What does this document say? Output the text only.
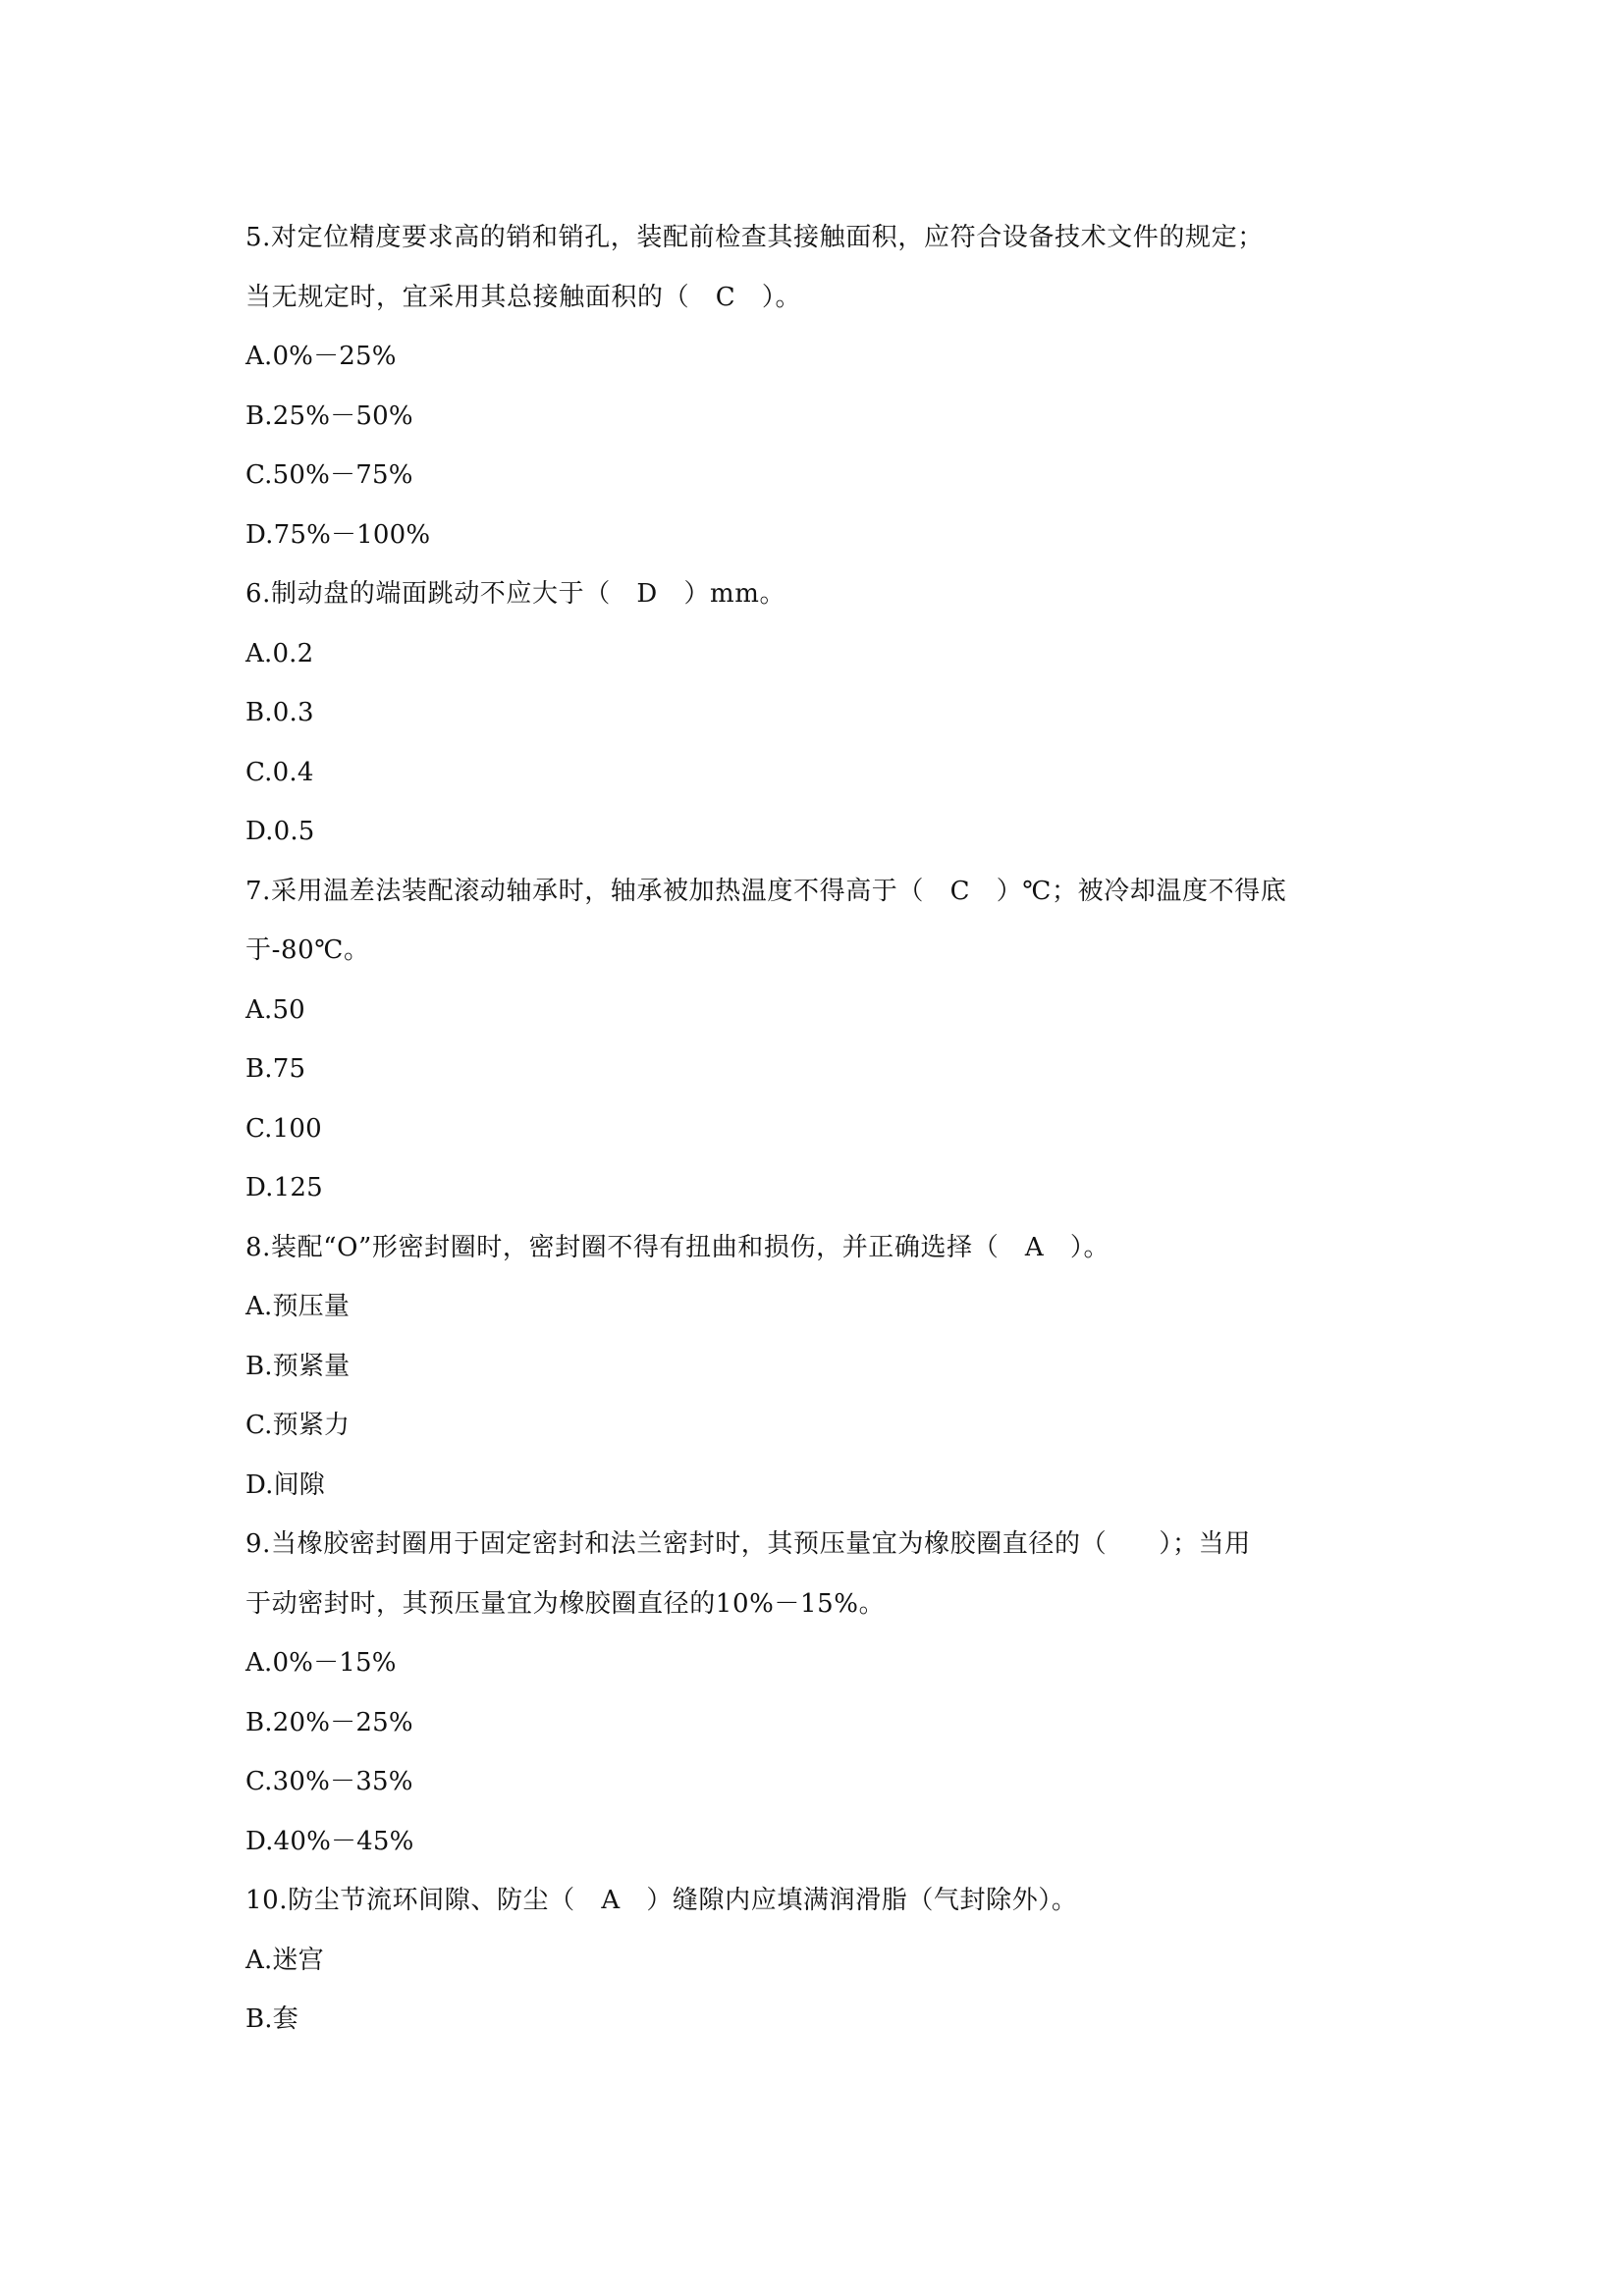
5.对定位精度要求高的销和销孔，装配前检查其接触面积，应符合设备技术文件的规定；
当无规定时，宜采用其总接触面积的（　C　）。
A.0%－25%
B.25%－50%
C.50%－75%
D.75%－100%
6.制动盘的端面跳动不应大于（　D　）mm。
A.0.2
B.0.3
C.0.4
D.0.5
7.采用温差法装配滚动轴承时，轴承被加热温度不得高于（　C　）℃；被冷却温度不得底
于-80℃。
A.50
B.75
C.100
D.125
8.装配“O”形密封圈时，密封圈不得有扭曲和损伤，并正确选择（　A　）。
A.预压量
B.预紧量
C.预紧力
D.间隙
9.当橡胶密封圈用于固定密封和法兰密封时，其预压量宜为橡胶圈直径的（　　）；当用
于动密封时，其预压量宜为橡胶圈直径的10%－15%。
A.0%－15%
B.20%－25%
C.30%－35%
D.40%－45%
10.防尘节流环间隙、防尘（　A　）缝隙内应填满润滑脂（气封除外）。
A.迷宫
B.套
